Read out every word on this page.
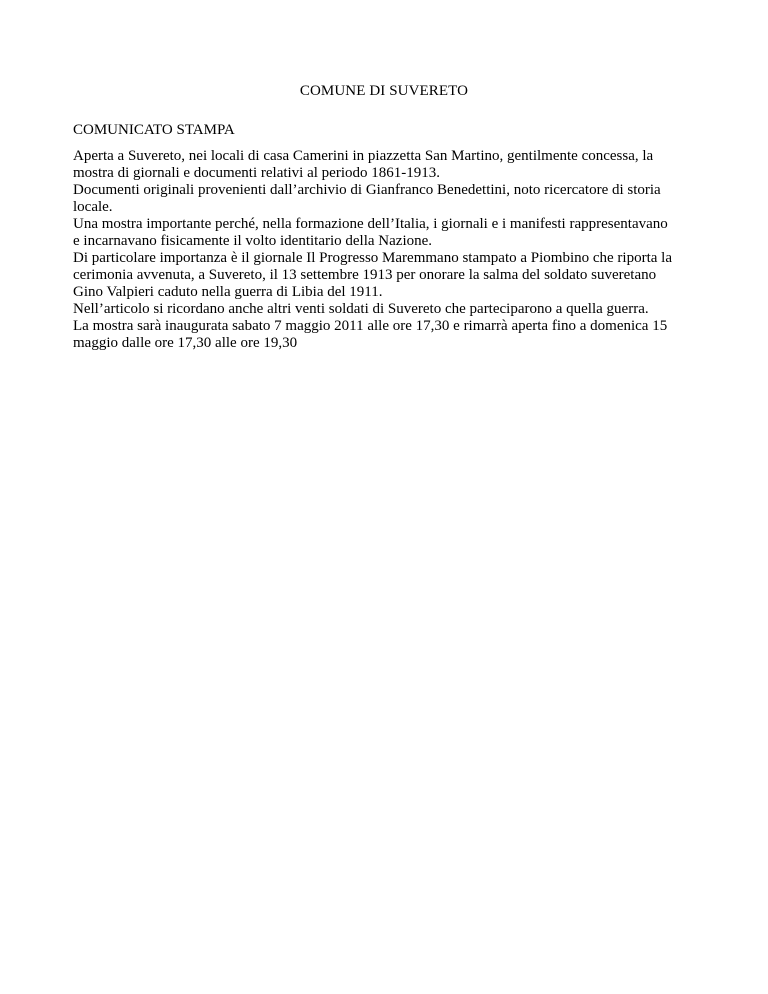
COMUNE DI SUVERETO
COMUNICATO STAMPA
Aperta a Suvereto, nei locali di casa Camerini in piazzetta San Martino, gentilmente concessa, la
mostra di giornali e documenti relativi al periodo 1861-1913.
Documenti originali provenienti dall’archivio di Gianfranco Benedettini, noto ricercatore di storia
locale.
Una mostra importante perché, nella formazione dell’Italia, i giornali e i manifesti rappresentavano
e incarnavano fisicamente il volto identitario della Nazione.
Di particolare importanza è il giornale Il Progresso Maremmano stampato a Piombino che riporta la
cerimonia avvenuta, a Suvereto, il 13 settembre 1913 per onorare la salma del soldato suveretano
Gino Valpieri caduto nella guerra di Libia del 1911.
Nell’articolo si ricordano anche altri venti soldati di Suvereto che parteciparono a quella guerra.
La mostra sarà inaugurata sabato 7 maggio 2011 alle ore 17,30 e rimarrà aperta fino a domenica 15
maggio dalle ore 17,30 alle ore 19,30
